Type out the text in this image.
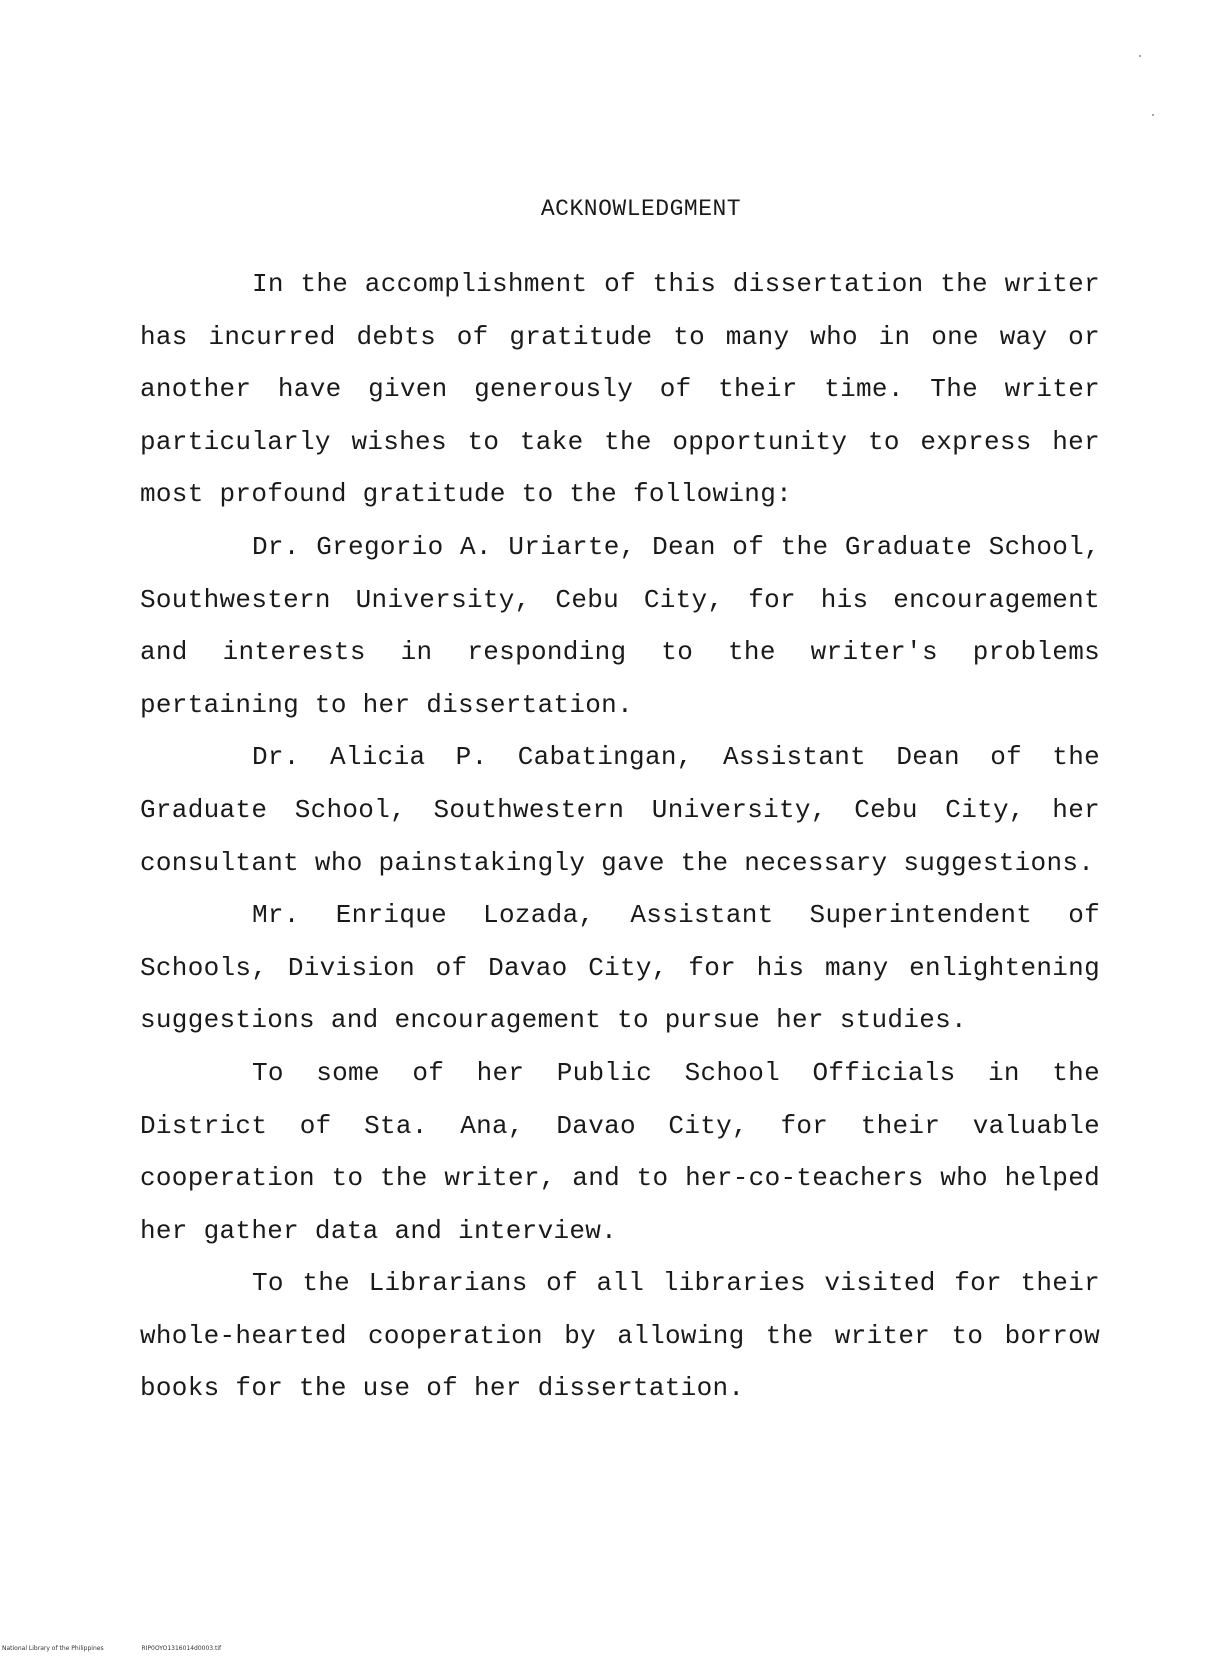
ACKNOWLEDGMENT

In the accomplishment of this dissertation the writer has incurred debts of gratitude to many who in one way or another have given generously of their time. The writer particularly wishes to take the opportunity to express her most profound gratitude to the following:

Dr. Gregorio A. Uriarte, Dean of the Graduate School, Southwestern University, Cebu City, for his encouragement and interests in responding to the writer's problems pertaining to her dissertation.

Dr. Alicia P. Cabatingan, Assistant Dean of the Graduate School, Southwestern University, Cebu City, her consultant who painstakingly gave the necessary suggestions.

Mr. Enrique Lozada, Assistant Superintendent of Schools, Division of Davao City, for his many enlightening suggestions and encouragement to pursue her studies.

To some of her Public School Officials in the District of Sta. Ana, Davao City, for their valuable cooperation to the writer, and to her-co-teachers who helped her gather data and interview.

To the Librarians of all libraries visited for their whole-hearted cooperation by allowing the writer to borrow books for the use of her dissertation.

National Library of the Philippines	RIP0OYO1316014d0003.tif
